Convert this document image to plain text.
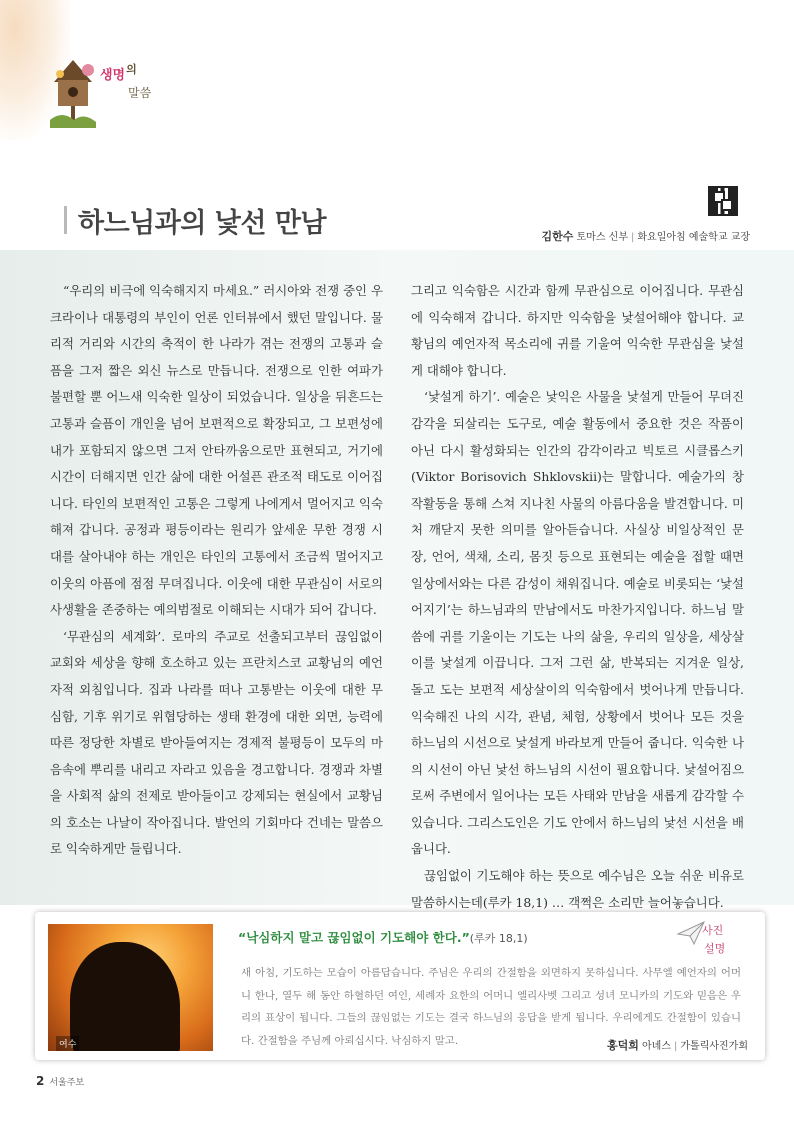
생명$^의$
말씀
하느님과의 낯선 만남	김한수 토마스 신부 | 화요일아침 예술학교 교장

“우리의 비극에 익숙해지지 마세요.” 러시아와 전쟁 중인 우크라이나 대통령의 부인이 언론 인터뷰에서 했던 말입니다. 물리적 거리와 시간의 축적이 한 나라가 겪는 전쟁의 고통과 슬픔을 그저 짧은 외신 뉴스로 만듭니다. 전쟁으로 인한 여파가 불편할 뿐 어느새 익숙한 일상이 되었습니다. 일상을 뒤흔드는 고통과 슬픔이 개인을 넘어 보편적으로 확장되고, 그 보편성에 내가 포함되지 않으면 그저 안타까움으로만 표현되고, 거기에 시간이 더해지면 인간 삶에 대한 어설픈 관조적 태도로 이어집니다. 타인의 보편적인 고통은 그렇게 나에게서 멀어지고 익숙해져 갑니다. 공정과 평등이라는 원리가 앞세운 무한 경쟁 시대를 살아내야 하는 개인은 타인의 고통에서 조금씩 멀어지고 이웃의 아픔에 점점 무뎌집니다. 이웃에 대한 무관심이 서로의 사생활을 존중하는 예의범절로 이해되는 시대가 되어 갑니다.

‘무관심의 세계화’. 로마의 주교로 선출되고부터 끊임없이 교회와 세상을 향해 호소하고 있는 프란치스코 교황님의 예언자적 외침입니다. 집과 나라를 떠나 고통받는 이웃에 대한 무심함, 기후 위기로 위협당하는 생태 환경에 대한 외면, 능력에 따른 정당한 차별로 받아들여지는 경제적 불평등이 모두의 마음속에 뿌리를 내리고 자라고 있음을 경고합니다. 경쟁과 차별을 사회적 삶의 전제로 받아들이고 강제되는 현실에서 교황님의 호소는 나날이 작아집니다. 발언의 기회마다 건네는 말씀으로 익숙하게만 들립니다.

그리고 익숙함은 시간과 함께 무관심으로 이어집니다. 무관심에 익숙해져 갑니다. 하지만 익숙함을 낯설어해야 합니다. 교황님의 예언자적 목소리에 귀를 기울여 익숙한 무관심을 낯설게 대해야 합니다.

‘낯설게 하기’. 예술은 낯익은 사물을 낯설게 만들어 무뎌진 감각을 되살리는 도구로, 예술 활동에서 중요한 것은 작품이 아닌 다시 활성화되는 인간의 감각이라고 빅토르 시클롭스키(Viktor Borisovich Shklovskii)는 말합니다. 예술가의 창작활동을 통해 스쳐 지나친 사물의 아름다움을 발견합니다. 미처 깨닫지 못한 의미를 알아듣습니다. 사실상 비일상적인 문장, 언어, 색채, 소리, 몸짓 등으로 표현되는 예술을 접할 때면 일상에서와는 다른 감성이 채워집니다. 예술로 비롯되는 ‘낯설어지기’는 하느님과의 만남에서도 마찬가지입니다. 하느님 말씀에 귀를 기울이는 기도는 나의 삶을, 우리의 일상을, 세상살이를 낯설게 이끕니다. 그저 그런 삶, 반복되는 지겨운 일상, 돌고 도는 보편적 세상살이의 익숙함에서 벗어나게 만듭니다. 익숙해진 나의 시각, 관념, 체험, 상황에서 벗어나 모든 것을 하느님의 시선으로 낯설게 바라보게 만들어 줍니다. 익숙한 나의 시선이 아닌 낯선 하느님의 시선이 필요합니다. 낯설어짐으로써 주변에서 일어나는 모든 사태와 만남을 새롭게 감각할 수 있습니다. 그리스도인은 기도 안에서 하느님의 낯선 시선을 배웁니다.

끊임없이 기도해야 하는 뜻으로 예수님은 오늘 쉬운 비유로 말씀하시는데(루카 18,1) … 객쩍은 소리만 늘어놓습니다.

여수
“낙심하지 말고 끊임없이 기도해야 한다.”(루카 18,1)
사진
설명

새 아침, 기도하는 모습이 아름답습니다. 주님은 우리의 간절함을 외면하지 못하십니다. 사무엘 예언자의 어머니 한나, 열두 해 동안 하혈하던 여인, 세례자 요한의 어머니 엘리사벳 그리고 성녀 모니카의 기도와 믿음은 우리의 표상이 됩니다. 그들의 끊임없는 기도는 결국 하느님의 응답을 받게 됩니다. 우리에게도 간절함이 있습니다. 간절함을 주님께 아뢰십시다. 낙심하지 말고.	홍덕희 아녜스 | 가톨릭사진가회
2 서울주보
